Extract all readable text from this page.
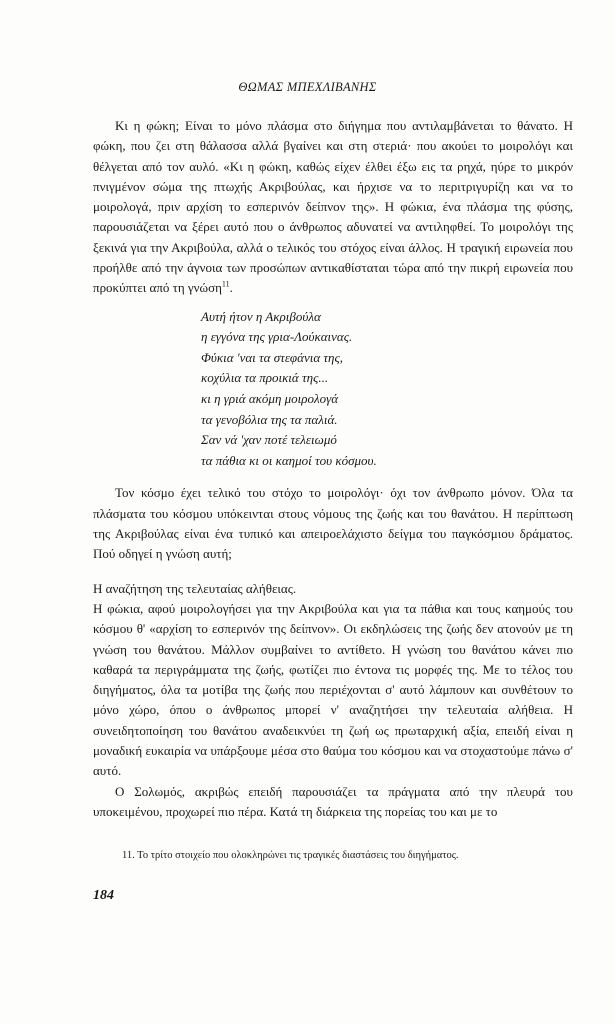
ΘΩΜΑΣ ΜΠΕΧΛΙΒΑΝΗΣ

Κι η φώκη; Είναι το μόνο πλάσμα στο διήγημα που αντιλαμβάνεται το θάνατο. Η φώκη, που ζει στη θάλασσα αλλά βγαίνει και στη στεριά· που ακούει το μοιρολόγι και θέλγεται από τον αυλό. «Κι η φώκη, καθώς είχεν έλθει έξω εις τα ρηχά, ηύρε το μικρόν πνιγμένον σώμα της πτωχής Ακριβούλας, και ήρχισε να το περιτριγυρίζη και να το μοιρολογά, πριν αρχίση το εσπερινόν δείπνον της». Η φώκια, ένα πλάσμα της φύσης, παρουσιάζεται να ξέρει αυτό που ο άνθρωπος αδυνατεί να αντιληφθεί. Το μοιρολόγι της ξεκινά για την Ακριβούλα, αλλά ο τελικός του στόχος είναι άλλος. Η τραγική ειρωνεία που προήλθε από την άγνοια των προσώπων αντικαθίσταται τώρα από την πικρή ειρωνεία που προκύπτει από τη γνώση$^{11}$.

Αυτή ήτον η Ακριβούλα
η εγγόνα της γρια-Λούκαινας.
Φύκια 'ναι τα στεφάνια της,
κοχύλια τα προικιά της...
κι η γριά ακόμη μοιρολογά
τα γενοβόλια της τα παλιά.
Σαν νά 'χαν ποτέ τελειωμό
τα πάθια κι οι καημοί του κόσμου.

Τον κόσμο έχει τελικό του στόχο το μοιρολόγι· όχι τον άνθρωπο μόνον. Όλα τα πλάσματα του κόσμου υπόκεινται στους νόμους της ζωής και του θανάτου. Η περίπτωση της Ακριβούλας είναι ένα τυπικό και απειροελάχιστο δείγμα του παγκόσμιου δράματος. Πού οδηγεί η γνώση αυτή;

Η αναζήτηση της τελευταίας αλήθειας.

Η φώκια, αφού μοιρολογήσει για την Ακριβούλα και για τα πάθια και τους καημούς του κόσμου θ' «αρχίση το εσπερινόν της δείπνον». Οι εκδηλώσεις της ζωής δεν ατονούν με τη γνώση του θανάτου. Μάλλον συμβαίνει το αντίθετο. Η γνώση του θανάτου κάνει πιο καθαρά τα περιγράμματα της ζωής, φωτίζει πιο έντονα τις μορφές της. Με το τέλος του διηγήματος, όλα τα μοτίβα της ζωής που περιέχονται σ' αυτό λάμπουν και συνθέτουν το μόνο χώρο, όπου ο άνθρωπος μπορεί ν' αναζητήσει την τελευταία αλήθεια. Η συνειδητοποίηση του θανάτου αναδεικνύει τη ζωή ως πρωταρχική αξία, επειδή είναι η μοναδική ευκαιρία να υπάρξουμε μέσα στο θαύμα του κόσμου και να στοχαστούμε πάνω σ' αυτό.

Ο Σολωμός, ακριβώς επειδή παρουσιάζει τα πράγματα από την πλευρά του υποκειμένου, προχωρεί πιο πέρα. Κατά τη διάρκεια της πορείας του και με το

11. Το τρίτο στοιχείο που ολοκληρώνει τις τραγικές διαστάσεις του διηγήματος.
184
